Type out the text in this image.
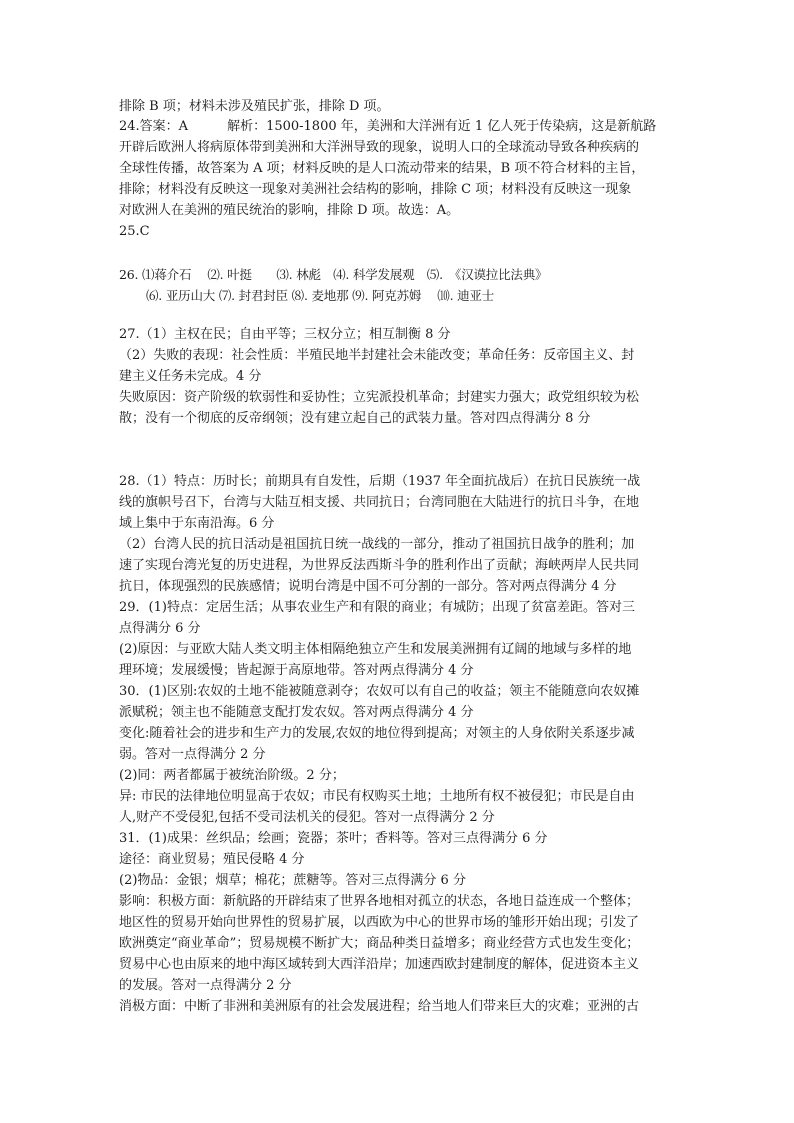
排除 B 项；材料未涉及殖民扩张，排除 D 项。
24.答案：A　　　解析：1500-1800 年，美洲和大洋洲有近 1 亿人死于传染病，这是新航路
开辟后欧洲人将病原体带到美洲和大洋洲导致的现象，说明人口的全球流动导致各种疾病的
全球性传播，故答案为 A 项；材料反映的是人口流动带来的结果，B 项不符合材料的主旨，
排除；材料没有反映这一现象对美洲社会结构的影响，排除 C 项；材料没有反映这一现象
对欧洲人在美洲的殖民统治的影响，排除 D 项。故选：A。
25.C
26. ⑴蒋介石　 ⑵. 叶挺　　⑶. 林彪　⑷. 科学发展观　⑸.　《汉谟拉比法典》
⑹. 亚历山大 ⑺. 封君封臣 ⑻. 麦地那 ⑼. 阿克苏姆　 ⑽. 迪亚士
27.（1）主权在民；自由平等；三权分立；相互制衡 8 分
（2）失败的表现：社会性质：半殖民地半封建社会未能改变；革命任务：反帝国主义、封
建主义任务未完成。4 分
失败原因：资产阶级的软弱性和妥协性；立宪派投机革命；封建实力强大；政党组织较为松
散；没有一个彻底的反帝纲领；没有建立起自己的武装力量。答对四点得满分 8 分
28.（1）特点：历时长；前期具有自发性，后期（1937 年全面抗战后）在抗日民族统一战
线的旗帜号召下，台湾与大陆互相支援、共同抗日；台湾同胞在大陆进行的抗日斗争，在地
域上集中于东南沿海。6 分
（2）台湾人民的抗日活动是祖国抗日统一战线的一部分，推动了祖国抗日战争的胜利；加
速了实现台湾光复的历史进程，为世界反法西斯斗争的胜利作出了贡献；海峡两岸人民共同
抗日，体现强烈的民族感情；说明台湾是中国不可分割的一部分。答对两点得满分 4 分
29．(1)特点：定居生活；从事农业生产和有限的商业；有城防；出现了贫富差距。答对三
点得满分 6 分
(2)原因：与亚欧大陆人类文明主体相隔绝独立产生和发展美洲拥有辽阔的地域与多样的地
理环境；发展缓慢；皆起源于高原地带。答对两点得满分 4 分
30．(1)区别:农奴的土地不能被随意剥夺；农奴可以有自己的收益；领主不能随意向农奴摊
派赋税；领主也不能随意支配打发农奴。答对两点得满分 4 分
变化:随着社会的进步和生产力的发展,农奴的地位得到提高；对领主的人身依附关系逐步减
弱。答对一点得满分 2 分
(2)同：两者都属于被统治阶级。2 分；
异: 市民的法律地位明显高于农奴；市民有权购买土地；土地所有权不被侵犯；市民是自由
人,财产不受侵犯,包括不受司法机关的侵犯。答对一点得满分 2 分
31．(1)成果：丝织品；绘画；瓷器；茶叶；香料等。答对三点得满分 6 分
途径：商业贸易；殖民侵略 4 分
(2)物品：金银；烟草；棉花；蔗糖等。答对三点得满分 6 分
影响：积极方面：新航路的开辟结束了世界各地相对孤立的状态，各地日益连成一个整体；
地区性的贸易开始向世界性的贸易扩展，以西欧为中心的世界市场的雏形开始出现；引发了
欧洲奠定“商业革命”；贸易规模不断扩大；商品种类日益增多；商业经营方式也发生变化；
贸易中心也由原来的地中海区域转到大西洋沿岸；加速西欧封建制度的解体，促进资本主义
的发展。答对一点得满分 2 分
消极方面：中断了非洲和美洲原有的社会发展进程；给当地人们带来巨大的灾难；亚洲的古
